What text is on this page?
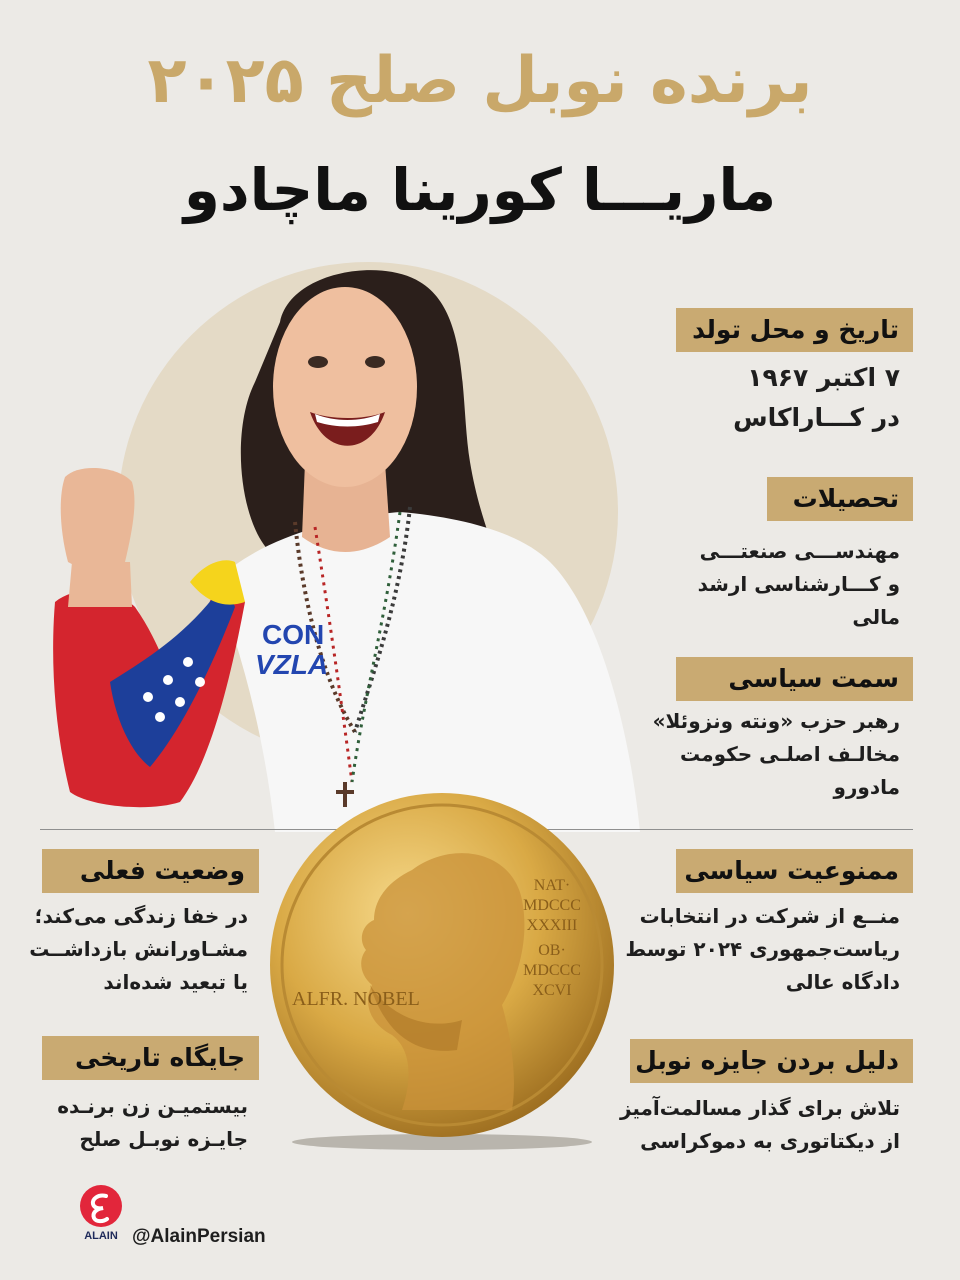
برنده نوبل صلح ۲۰۲۵
ماریـــا کورینا ماچادو
CON
VZLA
ALFR. NOBEL
NAT·
MDCCC
XXXIII
OB·
MDCCC
XCVI
تاریخ و محل تولد
۷ اکتبر ۱۹۶۷
در کـــاراکاس
تحصیلات
مهندســـی صنعتـــی
و کـــارشناسی ارشد
مالی
سمت سیاسی
رهبر حزب «ونته ونزوئلا»
مخالـف اصلـی حکومت
مادورو
ممنوعیت سیاسی
منــع از شرکت در انتخابات
ریاست‌جمهوری ۲۰۲۴ توسط
دادگاه عالی
دلیل بردن جایزه نوبل
تلاش برای گذار مسالمت‌آمیز
از دیکتاتوری به دموکراسی
وضعیت فعلی
در خفا زندگی می‌کند؛
مشـاورانش بازداشــت
یا تبعید شده‌اند
جایگاه تاریخی
بیستمیـن زن برنـده
جایـزه نوبـل صلح
ALAIN @AlainPersian
